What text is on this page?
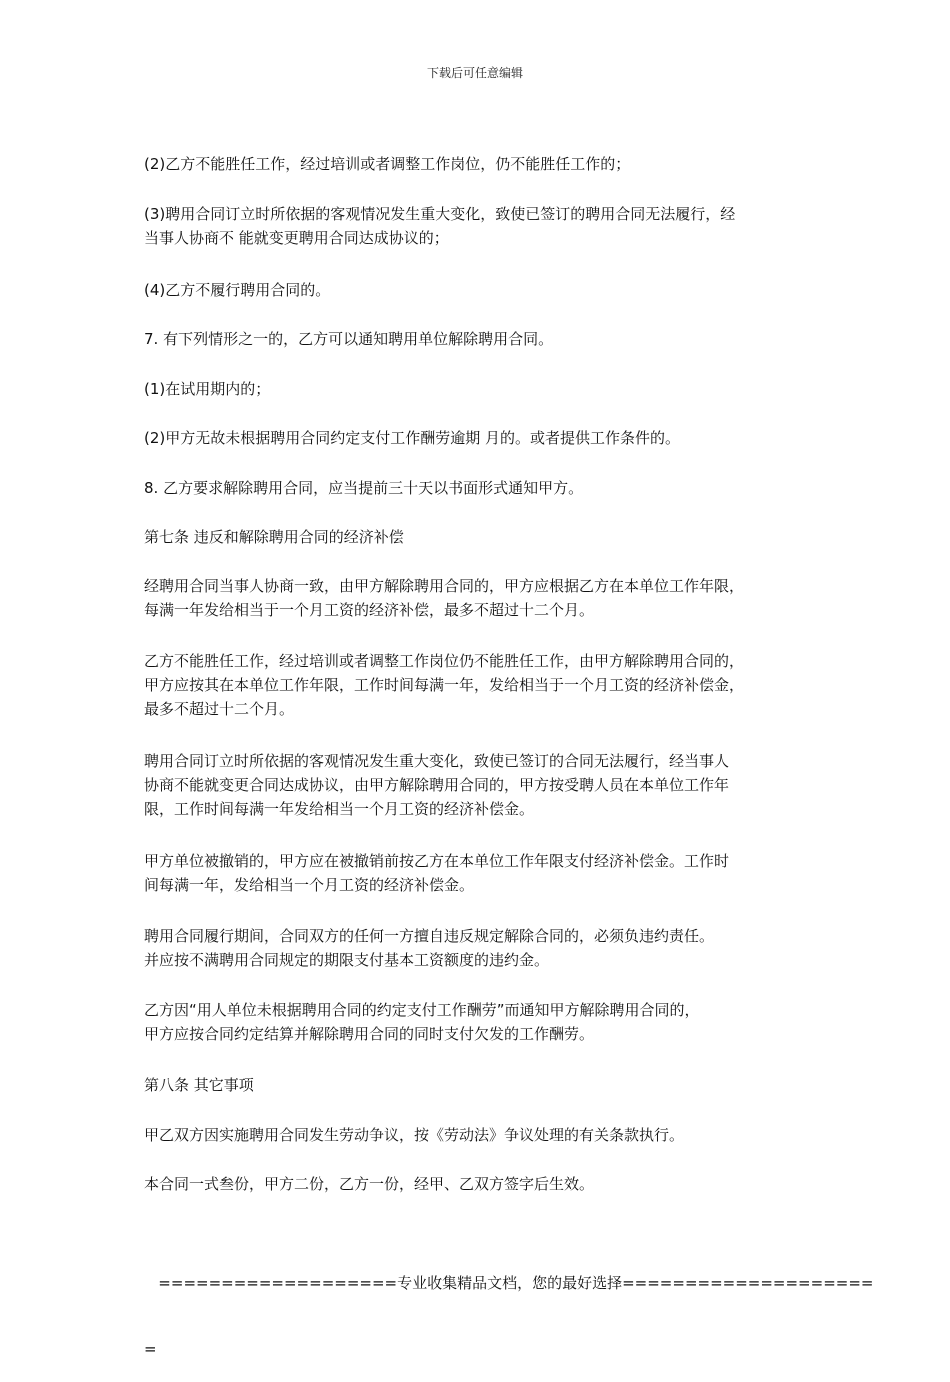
下载后可任意编辑
(2)乙方不能胜任工作，经过培训或者调整工作岗位，仍不能胜任工作的；
(3)聘用合同订立时所依据的客观情况发生重大变化，致使已签订的聘用合同无法履行，经
当事人协商不 能就变更聘用合同达成协议的；
(4)乙方不履行聘用合同的。
7. 有下列情形之一的，乙方可以通知聘用单位解除聘用合同。
(1)在试用期内的；
(2)甲方无故未根据聘用合同约定支付工作酬劳逾期 月的。或者提供工作条件的。
8. 乙方要求解除聘用合同，应当提前三十天以书面形式通知甲方。
第七条 违反和解除聘用合同的经济补偿
经聘用合同当事人协商一致，由甲方解除聘用合同的，甲方应根据乙方在本单位工作年限，
每满一年发给相当于一个月工资的经济补偿，最多不超过十二个月。
乙方不能胜任工作，经过培训或者调整工作岗位仍不能胜任工作，由甲方解除聘用合同的，
甲方应按其在本单位工作年限，工作时间每满一年，发给相当于一个月工资的经济补偿金，
最多不超过十二个月。
聘用合同订立时所依据的客观情况发生重大变化，致使已签订的合同无法履行，经当事人
协商不能就变更合同达成协议，由甲方解除聘用合同的，甲方按受聘人员在本单位工作年
限，工作时间每满一年发给相当一个月工资的经济补偿金。
甲方单位被撤销的，甲方应在被撤销前按乙方在本单位工作年限支付经济补偿金。工作时
间每满一年，发给相当一个月工资的经济补偿金。
聘用合同履行期间，合同双方的任何一方擅自违反规定解除合同的，必须负违约责任。
并应按不满聘用合同规定的期限支付基本工资额度的违约金。
乙方因“用人单位未根据聘用合同的约定支付工作酬劳”而通知甲方解除聘用合同的，
甲方应按合同约定结算并解除聘用合同的同时支付欠发的工作酬劳。
第八条 其它事项
甲乙双方因实施聘用合同发生劳动争议，按《劳动法》争议处理的有关条款执行。
本合同一式叁份，甲方二份，乙方一份，经甲、乙双方签字后生效。

===================专业收集精品文档，您的最好选择====================

=
